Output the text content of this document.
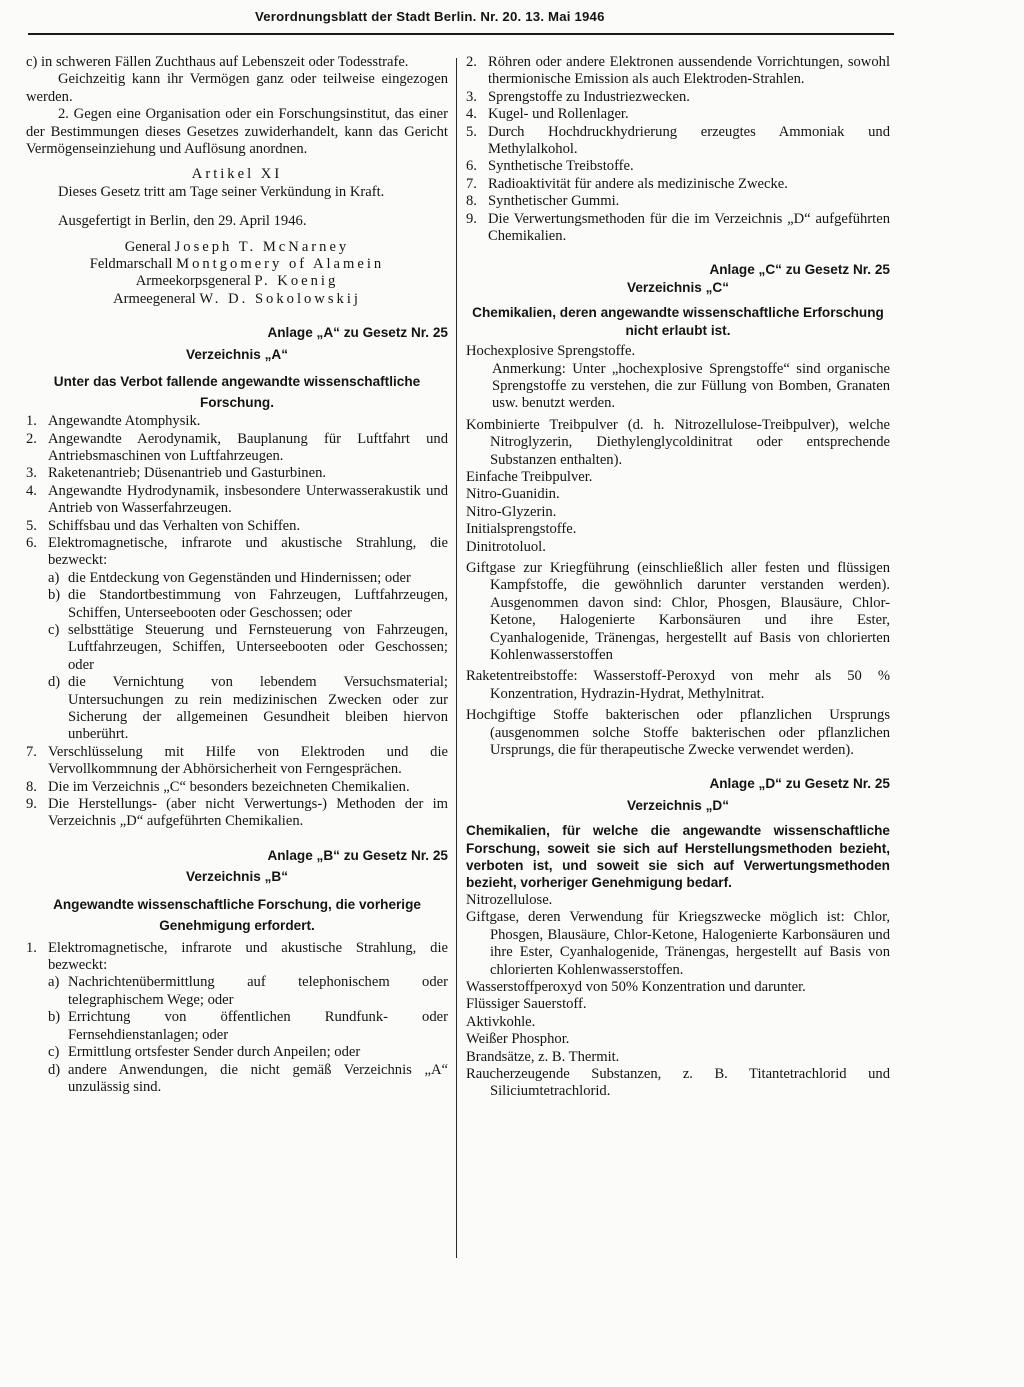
Verordnungsblatt der Stadt Berlin. Nr. 20. 13. Mai 1946

c) in schweren Fällen Zuchthaus auf Lebenszeit oder Todesstrafe.

Geichzeitig kann ihr Vermögen ganz oder teilweise eingezogen werden.

2. Gegen eine Organisation oder ein Forschungsinstitut, das einer der Bestimmungen dieses Gesetzes zuwiderhandelt, kann das Gericht Vermögenseinziehung und Auflösung anordnen.

Artikel XI

Dieses Gesetz tritt am Tage seiner Verkündung in Kraft.

Ausgefertigt in Berlin, den 29. April 1946.

General Joseph T. McNarney

Feldmarschall Montgomery of Alamein

Armeekorpsgeneral P. Koenig

Armeegeneral W. D. Sokolowskij

Anlage „A“ zu Gesetz Nr. 25

Verzeichnis „A“

Unter das Verbot fallende angewandte wissenschaftliche Forschung.

1. Angewandte Atomphysik.
2. Angewandte Aerodynamik, Bauplanung für Luftfahrt und Antriebsmaschinen von Luftfahrzeugen.
3. Raketenantrieb; Düsenantrieb und Gasturbinen.
4. Angewandte Hydrodynamik, insbesondere Unterwasserakustik und Antrieb von Wasserfahrzeugen.
5. Schiffsbau und das Verhalten von Schiffen.
6. Elektromagnetische, infrarote und akustische Strahlung, die bezweckt:
a) die Entdeckung von Gegenständen und Hindernissen; oder
b) die Standortbestimmung von Fahrzeugen, Luftfahrzeugen, Schiffen, Unterseebooten oder Geschossen; oder
c) selbsttätige Steuerung und Fernsteuerung von Fahrzeugen, Luftfahrzeugen, Schiffen, Unterseebooten oder Geschossen; oder
d) die Vernichtung von lebendem Versuchsmaterial; Untersuchungen zu rein medizinischen Zwecken oder zur Sicherung der allgemeinen Gesundheit bleiben hiervon unberührt.
7. Verschlüsselung mit Hilfe von Elektroden und die Vervollkommnung der Abhörsicherheit von Ferngesprächen.
8. Die im Verzeichnis „C“ besonders bezeichneten Chemikalien.
9. Die Herstellungs- (aber nicht Verwertungs-) Methoden der im Verzeichnis „D“ aufgeführten Chemikalien.

Anlage „B“ zu Gesetz Nr. 25

Verzeichnis „B“

Angewandte wissenschaftliche Forschung, die vorherige Genehmigung erfordert.

1. Elektromagnetische, infrarote und akustische Strahlung, die bezweckt:
a) Nachrichtenübermittlung auf telephonischem oder telegraphischem Wege; oder
b) Errichtung von öffentlichen Rundfunk- oder Fernsehdienstanlagen; oder
c) Ermittlung ortsfester Sender durch Anpeilen; oder
d) andere Anwendungen, die nicht gemäß Verzeichnis „A“ unzulässig sind.
2. Röhren oder andere Elektronen aussendende Vorrichtungen, sowohl thermionische Emission als auch Elektroden-Strahlen.
3. Sprengstoffe zu Industriezwecken.
4. Kugel- und Rollenlager.
5. Durch Hochdruckhydrierung erzeugtes Ammoniak und Methylalkohol.
6. Synthetische Treibstoffe.
7. Radioaktivität für andere als medizinische Zwecke.
8. Synthetischer Gummi.
9. Die Verwertungsmethoden für die im Verzeichnis „D“ aufgeführten Chemikalien.

Anlage „C“ zu Gesetz Nr. 25

Verzeichnis „C“

Chemikalien, deren angewandte wissenschaftliche Erforschung nicht erlaubt ist.

Hochexplosive Sprengstoffe.

Anmerkung: Unter „hochexplosive Sprengstoffe“ sind organische Sprengstoffe zu verstehen, die zur Füllung von Bomben, Granaten usw. benutzt werden.

Kombinierte Treibpulver (d. h. Nitrozellulose-Treibpulver), welche Nitroglyzerin, Diethylenglycoldinitrat oder entsprechende Substanzen enthalten).

Einfache Treibpulver.

Nitro-Guanidin.

Nitro-Glyzerin.

Initialsprengstoffe.

Dinitrotoluol.

Giftgase zur Kriegführung (einschließlich aller festen und flüssigen Kampfstoffe, die gewöhnlich darunter verstanden werden). Ausgenommen davon sind: Chlor, Phosgen, Blausäure, Chlor-Ketone, Halogenierte Karbonsäuren und ihre Ester, Cyanhalogenide, Tränengas, hergestellt auf Basis von chlorierten Kohlenwasserstoffen

Raketentreibstoffe: Wasserstoff-Peroxyd von mehr als 50 % Konzentration, Hydrazin-Hydrat, Methylnitrat.

Hochgiftige Stoffe bakterischen oder pflanzlichen Ursprungs (ausgenommen solche Stoffe bakterischen oder pflanzlichen Ursprungs, die für therapeutische Zwecke verwendet werden).

Anlage „D“ zu Gesetz Nr. 25

Verzeichnis „D“

Chemikalien, für welche die angewandte wissenschaftliche Forschung, soweit sie sich auf Herstellungsmethoden bezieht, verboten ist, und soweit sie sich auf Verwertungsmethoden bezieht, vorheriger Genehmigung bedarf.

Nitrozellulose.

Giftgase, deren Verwendung für Kriegszwecke möglich ist: Chlor, Phosgen, Blausäure, Chlor-Ketone, Halogenierte Karbonsäuren und ihre Ester, Cyanhalogenide, Tränengas, hergestellt auf Basis von chlorierten Kohlenwasserstoffen.

Wasserstoffperoxyd von 50% Konzentration und darunter.

Flüssiger Sauerstoff.

Aktivkohle.

Weißer Phosphor.

Brandsätze, z. B. Thermit.

Raucherzeugende Substanzen, z. B. Titantetrachlorid und Siliciumtetrachlorid.
